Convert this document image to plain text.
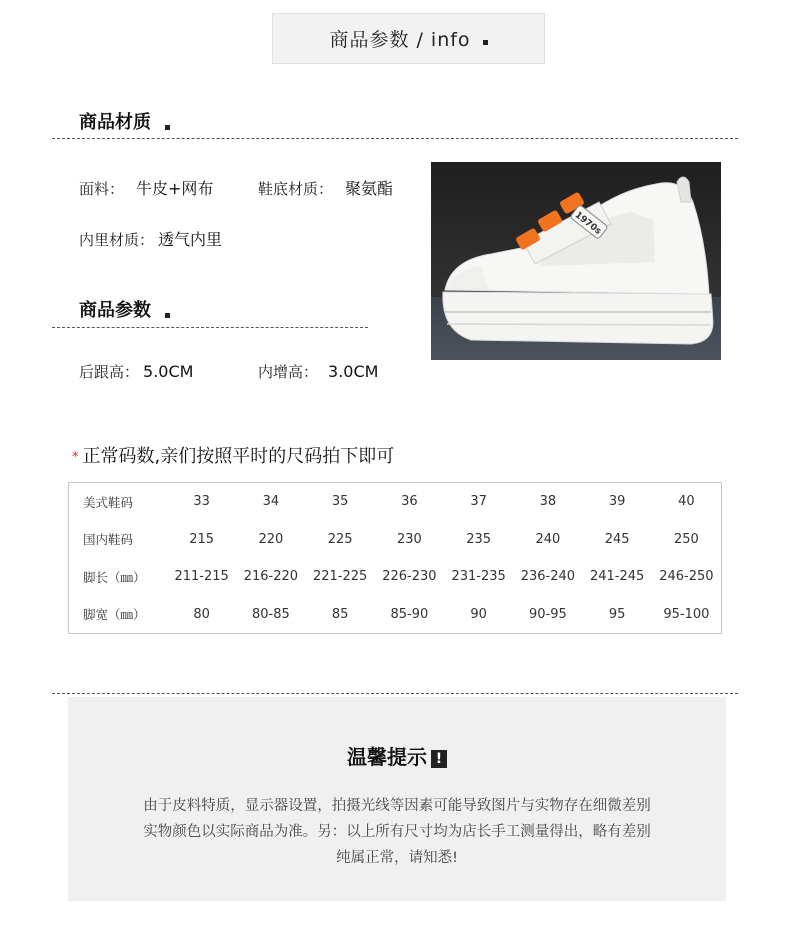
商品参数 / info
商品材质
面料： 牛皮+网布	鞋底材质： 聚氨酯
内里材质： 透气内里
商品参数
后跟高： 5.0CM	内增高： 3.0CM
1970s
* 正常码数,亲们按照平时的尺码拍下即可
美式鞋码	33	34	35	36	37	38	39	40
国内鞋码	215	220	225	230	235	240	245	250
脚长（㎜）	211-215	216-220	221-225	226-230	231-235	236-240	241-245	246-250
脚宽（㎜）	80	80-85	85	85-90	90	90-95	95	95-100
温馨提示 !
由于皮料特质，显示器设置，拍摄光线等因素可能导致图片与实物存在细微差别
实物颜色以实际商品为准。另：以上所有尺寸均为店长手工测量得出，略有差别
纯属正常，请知悉!
